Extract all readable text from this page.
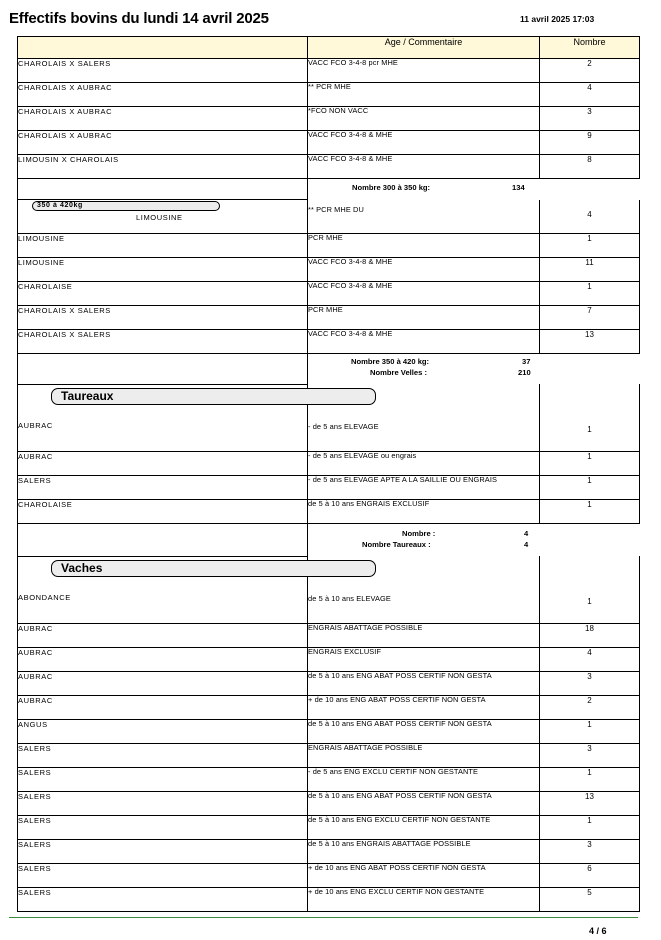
Effectifs bovins du lundi 14 avril 2025	11 avril 2025 17:03
	Age / Commentaire	Nombre
CHAROLAIS X SALERS	VACC FCO 3-4-8 pcr MHE	2
CHAROLAIS X AUBRAC	** PCR MHE	4
CHAROLAIS X AUBRAC	*FCO NON VACC	3
CHAROLAIS X AUBRAC	VACC FCO 3-4-8 & MHE	9
LIMOUSIN X CHAROLAIS	VACC FCO 3-4-8 & MHE	8

	Nombre 300 à 350 kg: 134	

350 à 420kg
LIMOUSINE	** PCR MHE DU	4
LIMOUSINE	PCR MHE	1
LIMOUSINE	VACC FCO 3-4-8 & MHE	11
CHAROLAISE	VACC FCO 3-4-8 & MHE	1
CHAROLAIS X SALERS	PCR MHE	7
CHAROLAIS X SALERS	VACC FCO 3-4-8 & MHE	13

	Nombre 350 à 420 kg: 37
Nombre Velles : 210	

Taureaux		
AUBRAC	- de 5 ans ELEVAGE	1
AUBRAC	- de 5 ans ELEVAGE ou engrais	1
SALERS	- de 5 ans ELEVAGE APTE A LA SAILLIE OU ENGRAIS	1
CHAROLAISE	de 5 à 10 ans ENGRAIS EXCLUSIF	1

	Nombre : 4
Nombre Taureaux : 4	

Vaches		
ABONDANCE	de 5 à 10 ans ELEVAGE	1
AUBRAC	ENGRAIS ABATTAGE POSSIBLE	18
AUBRAC	ENGRAIS EXCLUSIF	4
AUBRAC	de 5 à 10 ans ENG ABAT POSS CERTIF NON GESTA	3
AUBRAC	+ de 10 ans ENG ABAT POSS CERTIF NON GESTA	2
ANGUS	de 5 à 10 ans ENG ABAT POSS CERTIF NON GESTA	1
SALERS	ENGRAIS ABATTAGE POSSIBLE	3
SALERS	- de 5 ans ENG EXCLU CERTIF NON GESTANTE	1
SALERS	de 5 à 10 ans ENG ABAT POSS CERTIF NON GESTA	13
SALERS	de 5 à 10 ans ENG EXCLU CERTIF NON GESTANTE	1
SALERS	de 5 à 10 ans ENGRAIS ABATTAGE POSSIBLE	3
SALERS	+ de 10 ans ENG ABAT POSS CERTIF NON GESTA	6
SALERS	+ de 10 ans ENG EXCLU CERTIF NON GESTANTE	5
4 / 6
